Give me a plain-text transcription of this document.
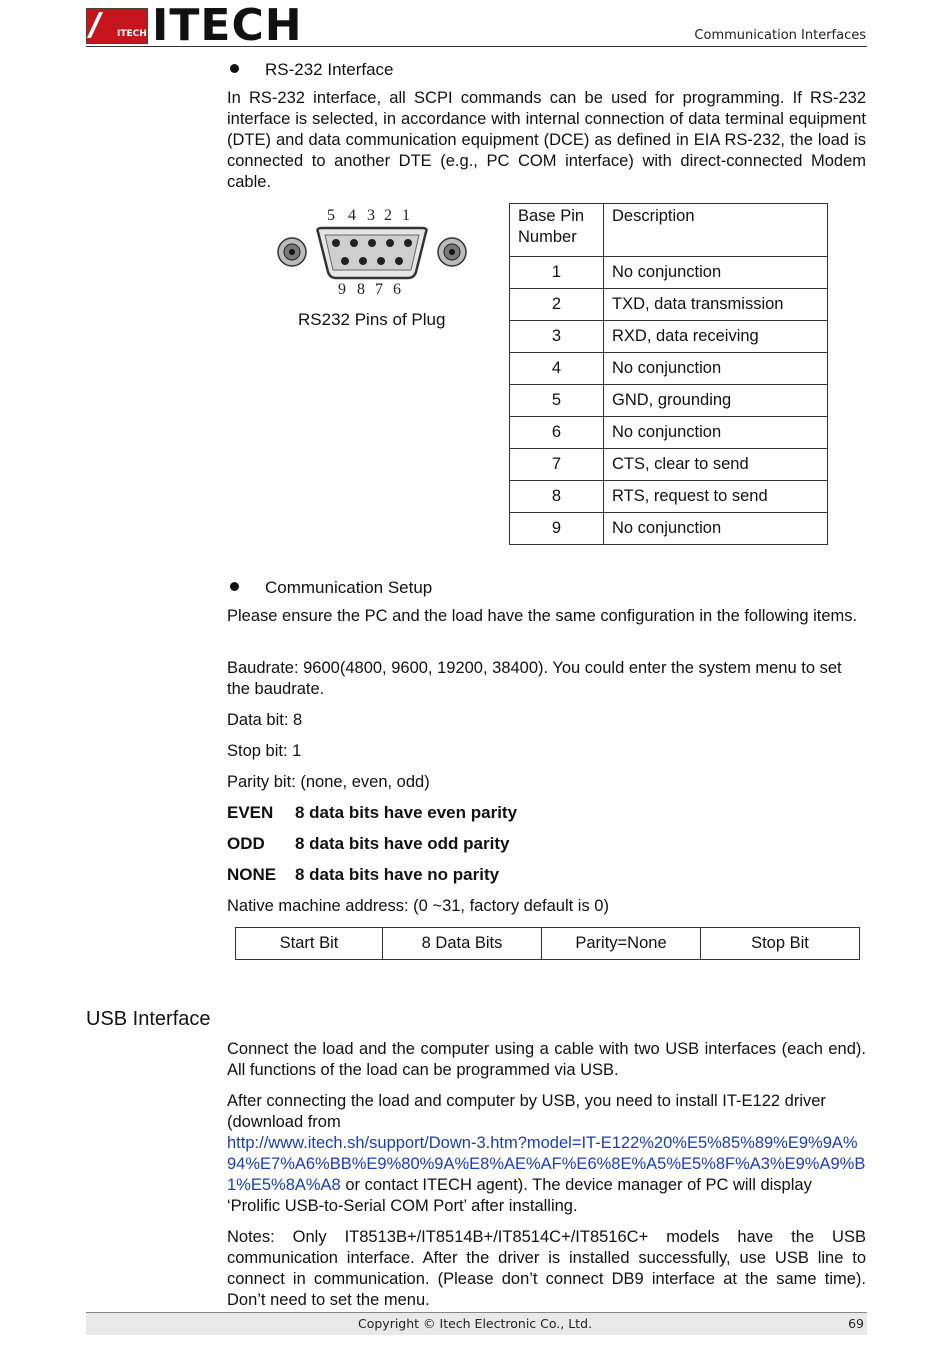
ITECH ITECH	Communication Interfaces
RS-232 Interface
In RS-232 interface, all SCPI commands can be used for programming. If RS-232 interface is selected, in accordance with internal connection of data terminal equipment (DTE) and data communication equipment (DCE) as defined in EIA RS-232, the load is connected to another DTE (e.g., PC COM interface) with direct-connected Modem cable.
5 4 3 2 1
9 8 7 6
RS232 Pins of Plug
Base Pin Number	Description
1	No conjunction
2	TXD, data transmission
3	RXD, data receiving
4	No conjunction
5	GND, grounding
6	No conjunction
7	CTS, clear to send
8	RTS, request to send
9	No conjunction
Communication Setup
Please ensure the PC and the load have the same configuration in the following items.
Baudrate: 9600(4800, 9600, 19200, 38400). You could enter the system menu to set the baudrate.
Data bit: 8
Stop bit: 1
Parity bit: (none, even, odd)
EVEN 8 data bits have even parity
ODD 8 data bits have odd parity
NONE 8 data bits have no parity
Native machine address: (0 ~31, factory default is 0)
Start Bit	8 Data Bits	Parity=None	Stop Bit
USB Interface
Connect the load and the computer using a cable with two USB interfaces (each end). All functions of the load can be programmed via USB.
After connecting the load and computer by USB, you need to install IT-E122 driver (download from
http://www.itech.sh/support/Down-3.htm?model=IT-E122%20%E5%85%89%E9%9A%94%E7%A6%BB%E9%80%9A%E8%AE%AF%E6%8E%A5%E5%8F%A3%E9%A9%B1%E5%8A%A8 or contact ITECH agent). The device manager of PC will display ‘Prolific USB-to-Serial COM Port’ after installing.
Notes: Only IT8513B+/IT8514B+/IT8514C+/IT8516C+ models have the USB communication interface. After the driver is installed successfully, use USB line to connect in communication. (Please don’t connect DB9 interface at the same time). Don’t need to set the menu.
Copyright © Itech Electronic Co., Ltd.	69
